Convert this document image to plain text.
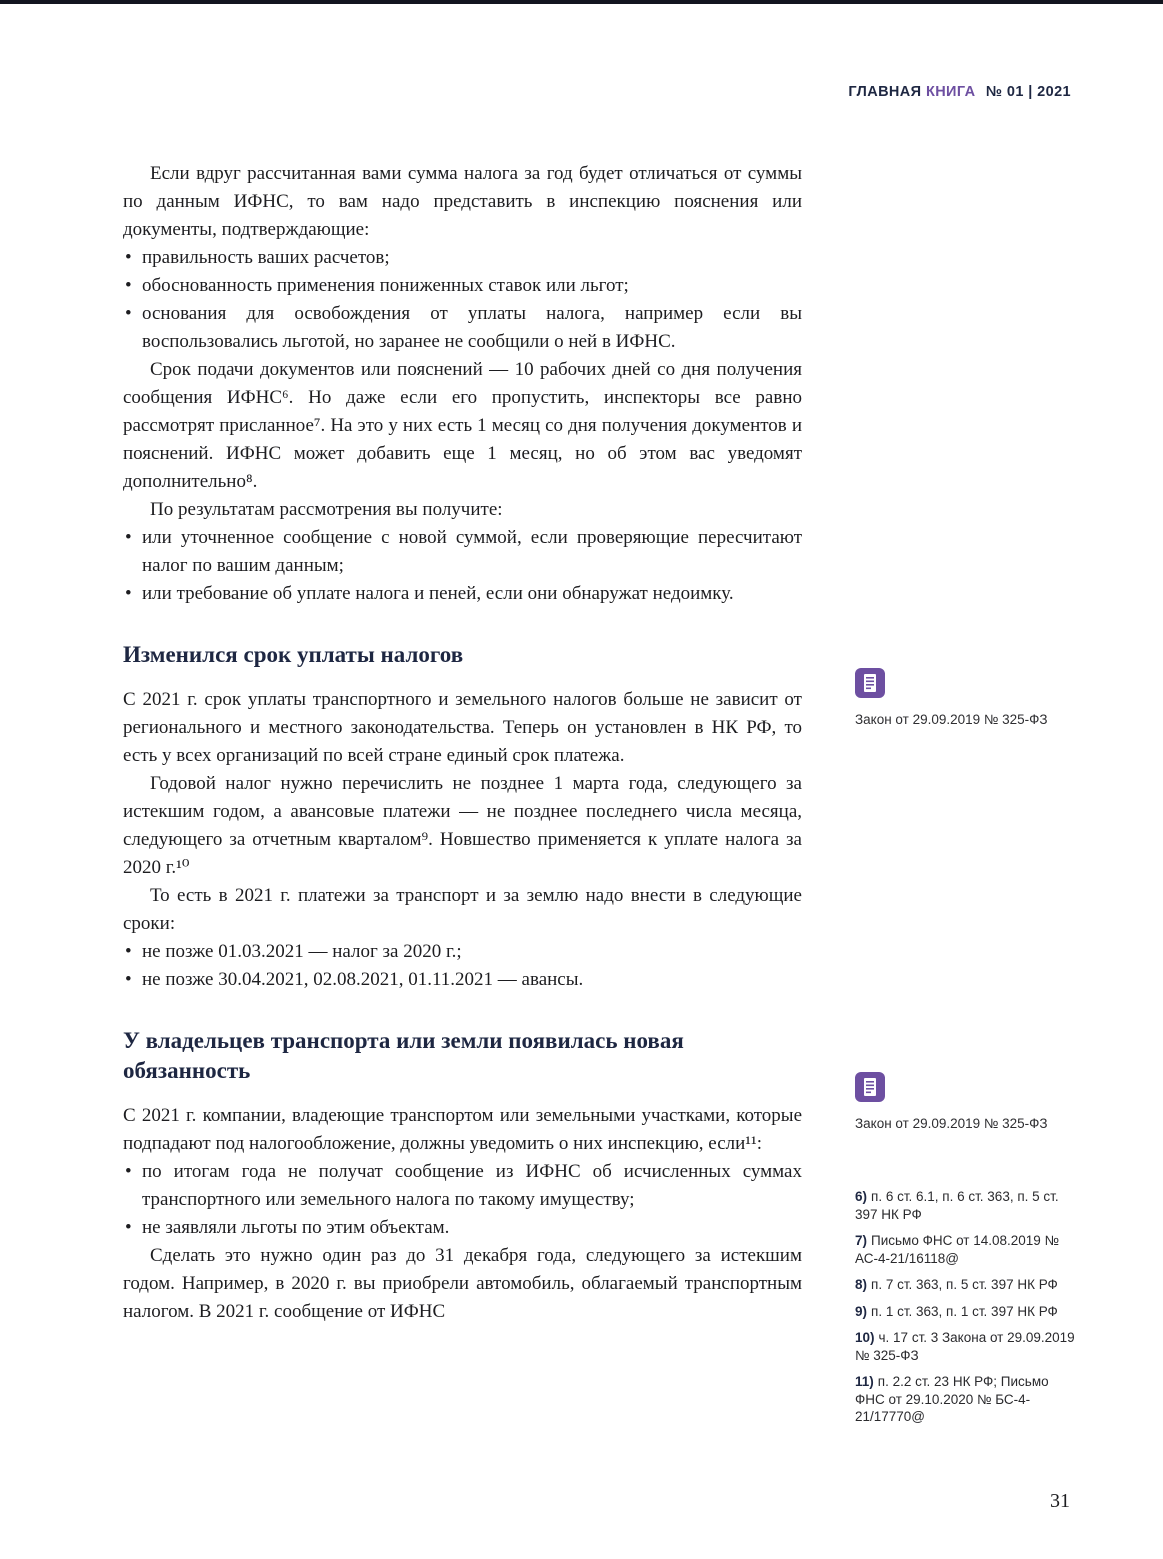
ГЛАВНАЯ КНИГА № 01 | 2021

Если вдруг рассчитанная вами сумма налога за год будет отличаться от суммы по данным ИФНС, то вам надо представить в инспекцию пояснения или документы, подтверждающие:

• правильность ваших расчетов;
• обоснованность применения пониженных ставок или льгот;
• основания для освобождения от уплаты налога, например если вы воспользовались льготой, но заранее не сообщили о ней в ИФНС.

Срок подачи документов или пояснений — 10 рабочих дней со дня получения сообщения ИФНС⁶. Но даже если его пропустить, инспекторы все равно рассмотрят присланное⁷. На это у них есть 1 месяц со дня получения документов и пояснений. ИФНС может добавить еще 1 месяц, но об этом вас уведомят дополнительно⁸.

По результатам рассмотрения вы получите:

• или уточненное сообщение с новой суммой, если проверяющие пересчитают налог по вашим данным;
• или требование об уплате налога и пеней, если они обнаружат недоимку.
Изменился срок уплаты налогов

С 2021 г. срок уплаты транспортного и земельного налогов больше не зависит от регионального и местного законодательства. Теперь он установлен в НК РФ, то есть у всех организаций по всей стране единый срок платежа.

Годовой налог нужно перечислить не позднее 1 марта года, следующего за истекшим годом, а авансовые платежи — не позднее последнего числа месяца, следующего за отчетным кварталом⁹. Новшество применяется к уплате налога за 2020 г.¹⁰

То есть в 2021 г. платежи за транспорт и за землю надо внести в следующие сроки:

• не позже 01.03.2021 — налог за 2020 г.;
• не позже 30.04.2021, 02.08.2021, 01.11.2021 — авансы.
У владельцев транспорта или земли появилась новая обязанность

С 2021 г. компании, владеющие транспортом или земельными участками, которые подпадают под налогообложение, должны уведомить о них инспекцию, если¹¹:

• по итогам года не получат сообщение из ИФНС об исчисленных суммах транспортного или земельного налога по такому имуществу;
• не заявляли льготы по этим объектам.

Сделать это нужно один раз до 31 декабря года, следующего за истекшим годом. Например, в 2020 г. вы приобрели автомобиль, облагаемый транспортным налогом. В 2021 г. сообщение от ИФНС

Закон от 29.09.2019 № 325-ФЗ
Закон от 29.09.2019 № 325-ФЗ
6) п. 6 ст. 6.1, п. 6 ст. 363, п. 5 ст. 397 НК РФ
7) Письмо ФНС от 14.08.2019 № АС-4-21/16118@
8) п. 7 ст. 363, п. 5 ст. 397 НК РФ
9) п. 1 ст. 363, п. 1 ст. 397 НК РФ
10) ч. 17 ст. 3 Закона от 29.09.2019 № 325-ФЗ
11) п. 2.2 ст. 23 НК РФ; Письмо ФНС от 29.10.2020 № БС-4-21/17770@
31
